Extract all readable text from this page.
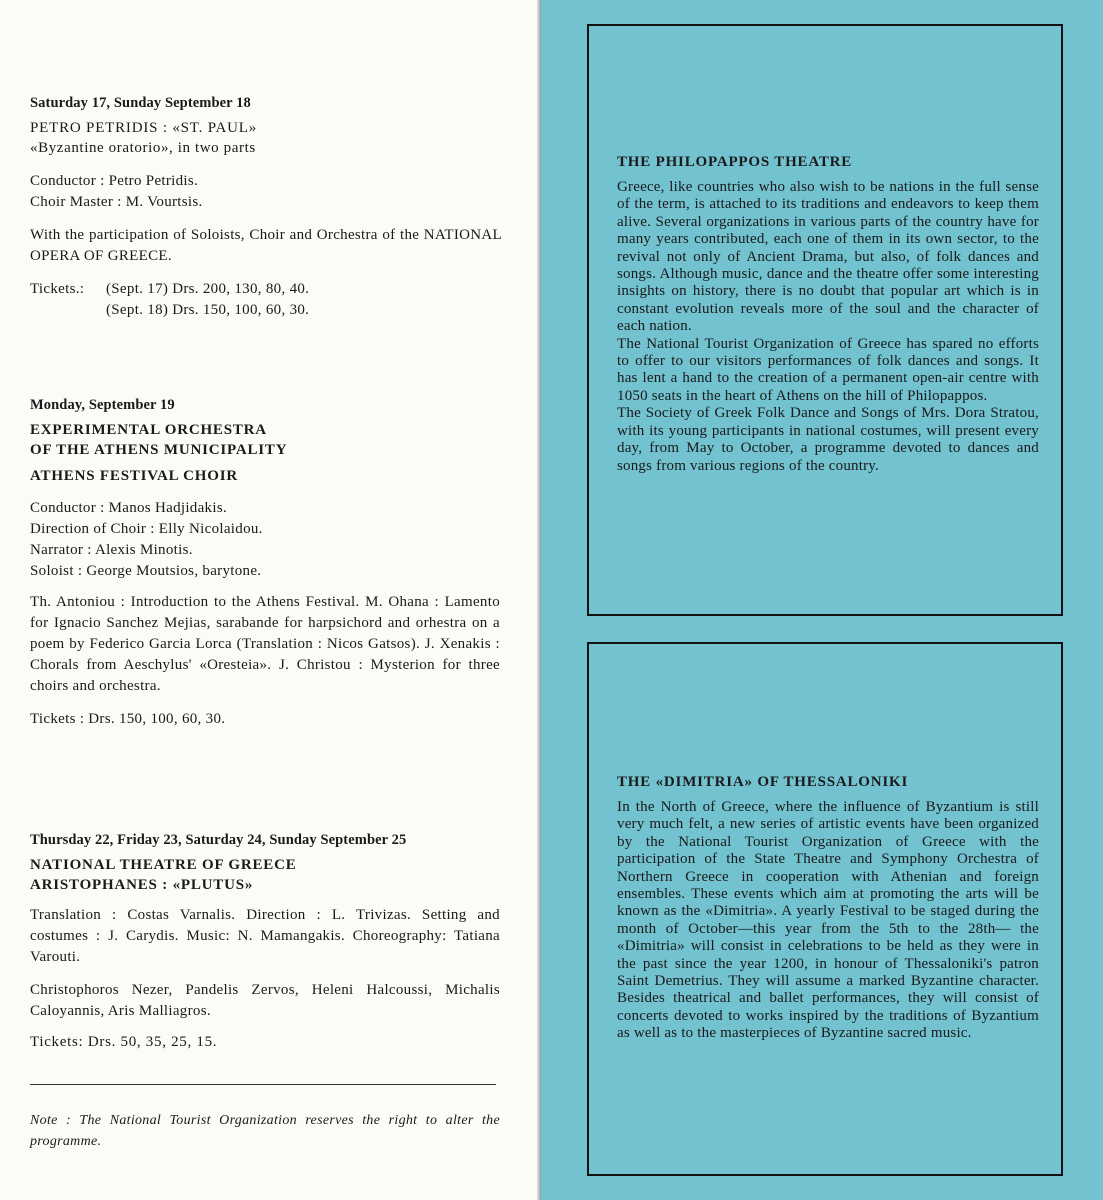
Saturday 17, Sunday September 18

PETRO PETRIDIS : «ST. PAUL»

«Byzantine oratorio», in two parts

Conductor : Petro Petridis.

Choir Master : M. Vourtsis.

With the participation of Soloists, Choir and Orchestra of the NATIONAL OPERA OF GREECE.

Tickets.:	(Sept. 17) Drs. 200, 130, 80, 40.
(Sept. 18) Drs. 150, 100, 60, 30.

Monday, September 19

EXPERIMENTAL ORCHESTRA

OF THE ATHENS MUNICIPALITY

ATHENS FESTIVAL CHOIR

Conductor : Manos Hadjidakis.

Direction of Choir : Elly Nicolaidou.

Narrator : Alexis Minotis.

Soloist : George Moutsios, barytone.

Th. Antoniou : Introduction to the Athens Festival. M. Ohana : Lamento for Ignacio Sanchez Mejias, sarabande for harpsichord and orhestra on a poem by Federico Garcia Lorca (Translation : Nicos Gatsos). J. Xenakis : Chorals from Aeschylus' «Oresteia». J. Christou : Mysterion for three choirs and orchestra.

Tickets : Drs. 150, 100, 60, 30.

Thursday 22, Friday 23, Saturday 24, Sunday September 25

NATIONAL THEATRE OF GREECE

ARISTOPHANES : «PLUTUS»

Translation : Costas Varnalis. Direction : L. Trivizas. Setting and costumes : J. Carydis. Music: N. Mamangakis. Choreography: Tatiana Varouti.

Christophoros Nezer, Pandelis Zervos, Heleni Halcoussi, Michalis Caloyannis, Aris Malliagros.

Tickets: Drs. 50, 35, 25, 15.

Note : The National Tourist Organization reserves the right to alter the programme.

THE PHILOPAPPOS THEATRE

Greece, like countries who also wish to be nations in the full sense of the term, is attached to its traditions and endeavors to keep them alive. Several organizations in various parts of the country have for many years contributed, each one of them in its own sector, to the revival not only of Ancient Drama, but also, of folk dances and songs. Although music, dance and the theatre offer some interesting insights on history, there is no doubt that popular art which is in constant evolution reveals more of the soul and the character of each nation.

The National Tourist Organization of Greece has spared no efforts to offer to our visitors performances of folk dances and songs. It has lent a hand to the creation of a permanent open-air centre with 1050 seats in the heart of Athens on the hill of Philopappos.

The Society of Greek Folk Dance and Songs of Mrs. Dora Stratou, with its young participants in national costumes, will present every day, from May to October, a programme devoted to dances and songs from various regions of the country.

THE «DIMITRIA» OF THESSALONIKI

In the North of Greece, where the influence of Byzantium is still very much felt, a new series of artistic events have been organized by the National Tourist Organization of Greece with the participation of the State Theatre and Symphony Orchestra of Northern Greece in cooperation with Athenian and foreign ensembles. These events which aim at promoting the arts will be known as the «Dimitria». A yearly Festival to be staged during the month of October—this year from the 5th to the 28th— the «Dimitria» will consist in celebrations to be held as they were in the past since the year 1200, in honour of Thessaloniki's patron Saint Demetrius. They will assume a marked Byzantine character. Besides theatrical and ballet performances, they will consist of concerts devoted to works inspired by the traditions of Byzantium as well as to the masterpieces of Byzantine sacred music.
